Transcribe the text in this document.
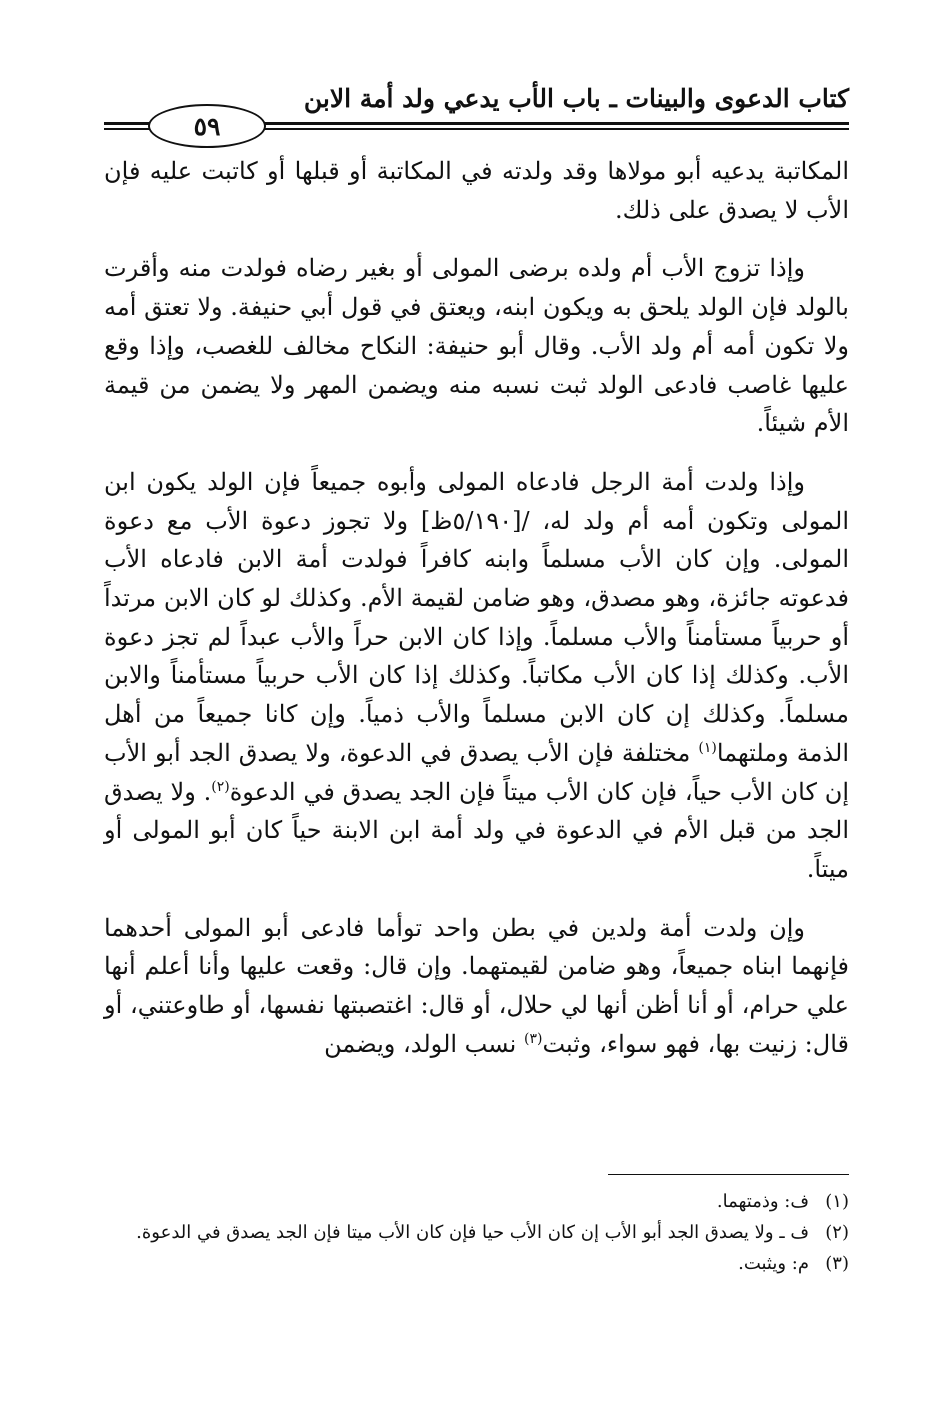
كتاب الدعوى والبينات ـ باب الأب يدعي ولد أمة الابن
٥٩

المكاتبة يدعيه أبو مولاها وقد ولدته في المكاتبة أو قبلها أو كاتبت عليه فإن الأب لا يصدق على ذلك.

وإذا تزوج الأب أم ولده برضى المولى أو بغير رضاه فولدت منه وأقرت بالولد فإن الولد يلحق به ويكون ابنه، ويعتق في قول أبي حنيفة. ولا تعتق أمه ولا تكون أمه أم ولد الأب. وقال أبو حنيفة: النكاح مخالف للغصب، وإذا وقع عليها غاصب فادعى الولد ثبت نسبه منه ويضمن المهر ولا يضمن من قيمة الأم شيئاً.

وإذا ولدت أمة الرجل فادعاه المولى وأبوه جميعاً فإن الولد يكون ابن المولى وتكون أمه أم ولد له، /[٥/١٩٠ظ] ولا تجوز دعوة الأب مع دعوة المولى. وإن كان الأب مسلماً وابنه كافراً فولدت أمة الابن فادعاه الأب فدعوته جائزة، وهو مصدق، وهو ضامن لقيمة الأم. وكذلك لو كان الابن مرتداً أو حربياً مستأمناً والأب مسلماً. وإذا كان الابن حراً والأب عبداً لم تجز دعوة الأب. وكذلك إذا كان الأب مكاتباً. وكذلك إذا كان الأب حربياً مستأمناً والابن مسلماً. وكذلك إن كان الابن مسلماً والأب ذمياً. وإن كانا جميعاً من أهل الذمة وملتهما$^{(١)}$ مختلفة فإن الأب يصدق في الدعوة، ولا يصدق الجد أبو الأب إن كان الأب حياً، فإن كان الأب ميتاً فإن الجد يصدق في الدعوة$^{(٢)}$. ولا يصدق الجد من قبل الأم في الدعوة في ولد أمة ابن الابنة حياً كان أبو المولى أو ميتاً.

وإن ولدت أمة ولدين في بطن واحد توأما فادعى أبو المولى أحدهما فإنهما ابناه جميعاً، وهو ضامن لقيمتهما. وإن قال: وقعت عليها وأنا أعلم أنها علي حرام، أو أنا أظن أنها لي حلال، أو قال: اغتصبتها نفسها، أو طاوعتني، أو قال: زنيت بها، فهو سواء، وثبت$^{(٣)}$ نسب الولد، ويضمن

(١)
ف: وذمتهما.
(٢)
ف ـ ولا يصدق الجد أبو الأب إن كان الأب حيا فإن كان الأب ميتا فإن الجد يصدق في الدعوة.
(٣)
م: ويثبت.
